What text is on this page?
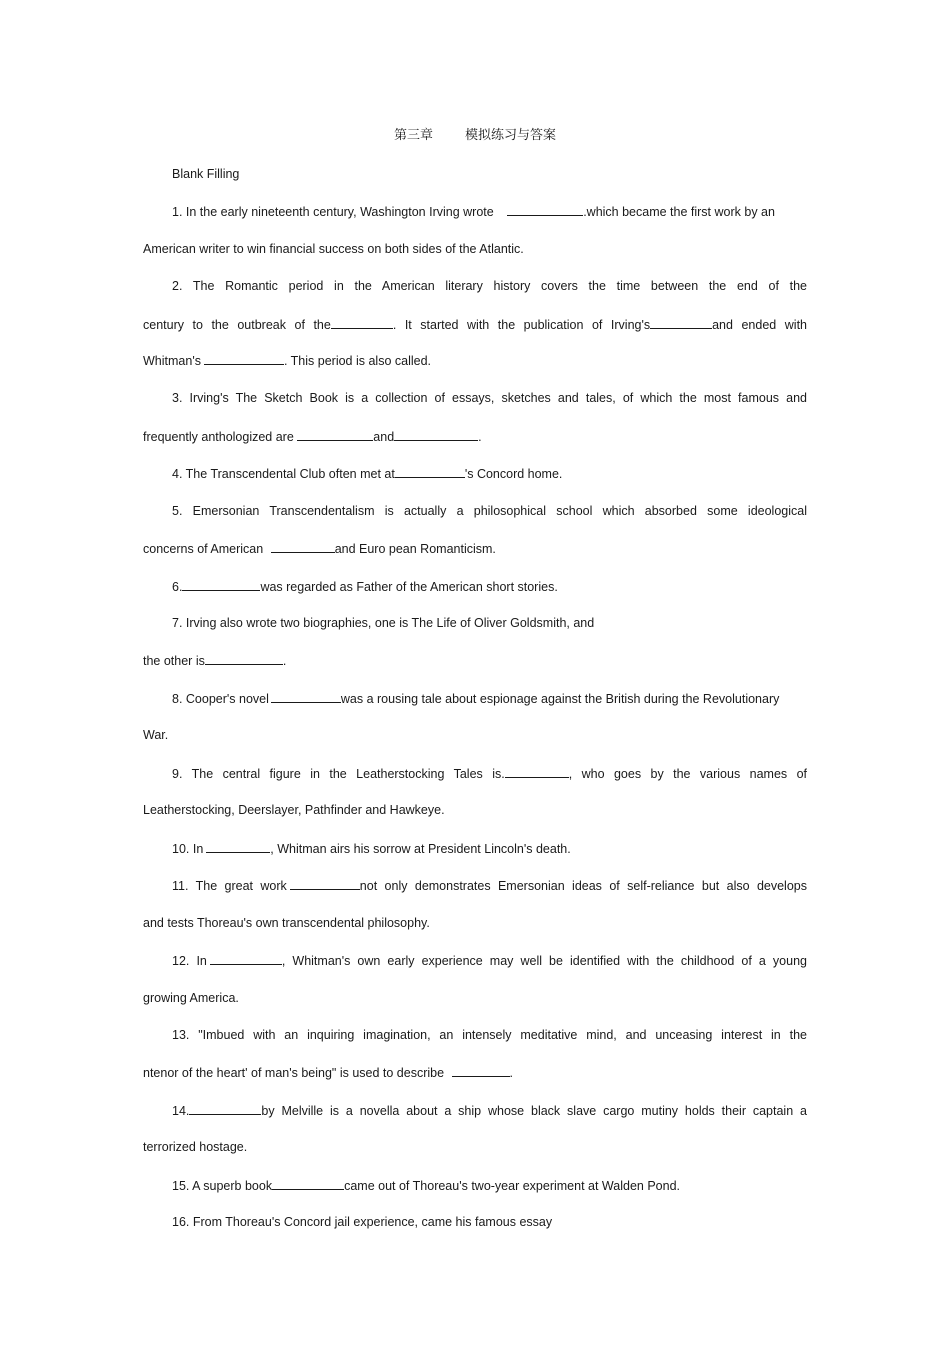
第三章 模拟练习与答案
Blank Filling
1. In the early nineteenth century, Washington Irving wrote	.which became the first work by an
American writer to win financial success on both sides of the Atlantic.
2. The Romantic period in the American literary history covers the time between the end of the
century to the outbreak of the	. It started with the publication of Irving's	and ended with
Whitman's	. This period is also called.
3. Irving's The Sketch Book is a collection of essays, sketches and tales, of which the most famous and
frequently anthologized are	and	.
4. The Transcendental Club often met at	's Concord home.
5. Emersonian Transcendentalism is actually a philosophical school which absorbed some ideological
concerns of American	and Euro pean Romanticism.
6.	was regarded as Father of the American short stories.
7. Irving also wrote two biographies, one is The Life of Oliver Goldsmith, and
the other is	.
8. Cooper's novel	was a rousing tale about espionage against the British during the Revolutionary
War.
9. The central figure in the Leatherstocking Tales is.	, who goes by the various names of
Leatherstocking, Deerslayer, Pathfinder and Hawkeye.
10. In	, Whitman airs his sorrow at President Lincoln's death.
11. The great work	not only demonstrates Emersonian ideas of self-reliance but also develops
and tests Thoreau's own transcendental philosophy.
12. In	, Whitman's own early experience may well be identified with the childhood of a young
growing America.
13. "Imbued with an inquiring imagination, an intensely meditative mind, and unceasing interest in the
ntenor of the heart' of man's being" is used to describe	.
14.	by Melville is a novella about a ship whose black slave cargo mutiny holds their captain a
terrorized hostage.
15. A superb book	came out of Thoreau's two-year experiment at Walden Pond.
16. From Thoreau's Concord jail experience, came his famous essay
